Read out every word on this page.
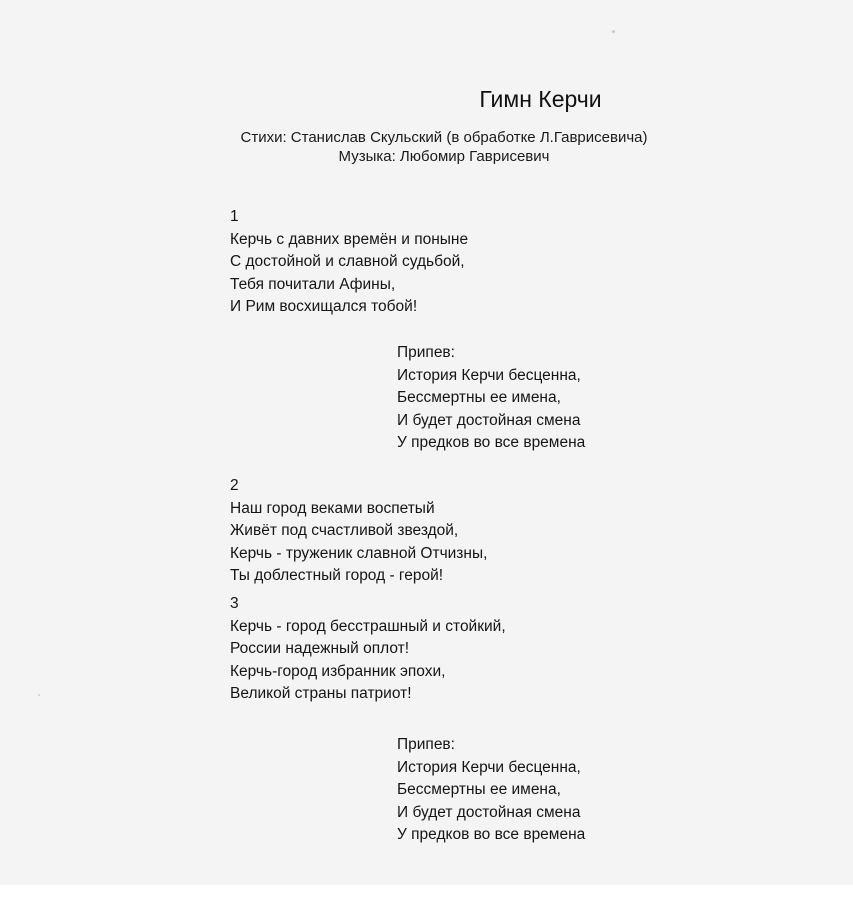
Гимн Керчи
Стихи: Станислав Скульский (в обработке Л.Гаврисевича)
Музыка: Любомир Гаврисевич
1
Керчь с давних времён и поныне
С достойной и славной судьбой,
Тебя почитали Афины,
И Рим восхищался тобой!
Припев:
История Керчи бесценна,
Бессмертны ее имена,
И будет достойная смена
У предков во все времена
2
Наш город веками воспетый
Живёт под счастливой звездой,
Керчь - труженик славной Отчизны,
Ты доблестный город - герой!
3
Керчь - город бесстрашный и стойкий,
России надежный оплот!
Керчь-город избранник эпохи,
Великой страны патриот!
Припев:
История Керчи бесценна,
Бессмертны ее имена,
И будет достойная смена
У предков во все времена
